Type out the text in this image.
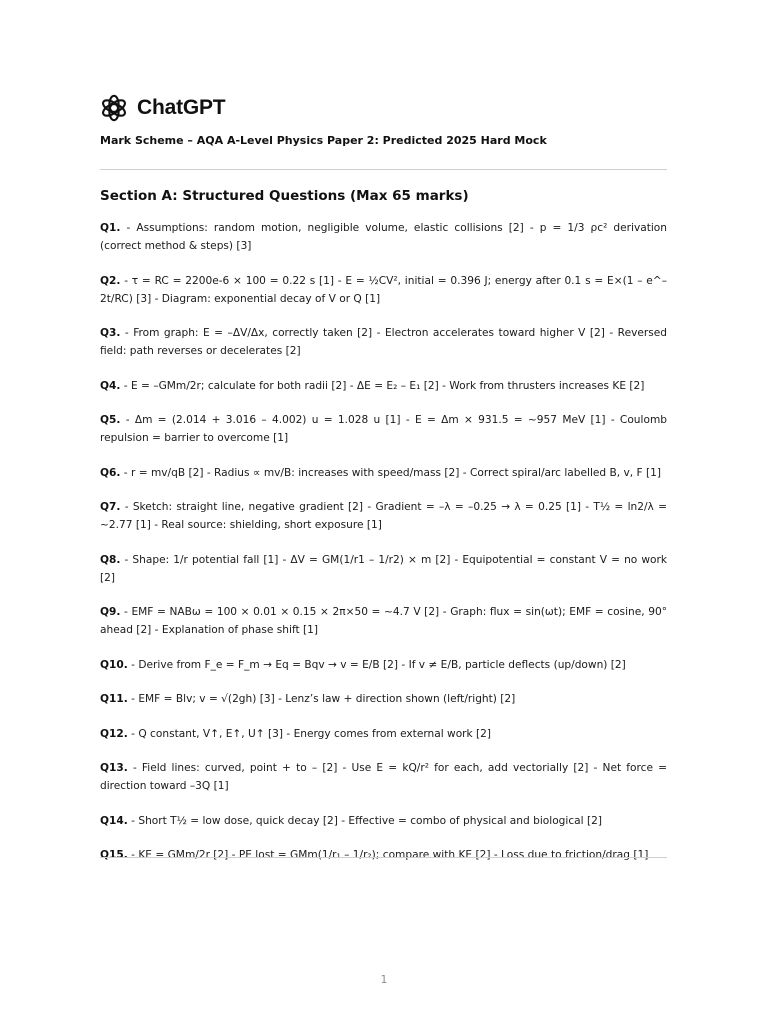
ChatGPT
Mark Scheme – AQA A-Level Physics Paper 2: Predicted 2025 Hard Mock
Section A: Structured Questions (Max 65 marks)

Q1. - Assumptions: random motion, negligible volume, elastic collisions [2] - p = 1/3 ρc² derivation (correct method & steps) [3]

Q2. - τ = RC = 2200e-6 × 100 = 0.22 s [1] - E = ½CV², initial = 0.396 J; energy after 0.1 s = E×(1 – e^–2t/RC) [3] - Diagram: exponential decay of V or Q [1]

Q3. - From graph: E = –ΔV/Δx, correctly taken [2] - Electron accelerates toward higher V [2] - Reversed field: path reverses or decelerates [2]

Q4. - E = –GMm/2r; calculate for both radii [2] - ΔE = E₂ – E₁ [2] - Work from thrusters increases KE [2]

Q5. - Δm = (2.014 + 3.016 – 4.002) u = 1.028 u [1] - E = Δm × 931.5 = ~957 MeV [1] - Coulomb repulsion = barrier to overcome [1]

Q6. - r = mv/qB [2] - Radius ∝ mv/B: increases with speed/mass [2] - Correct spiral/arc labelled B, v, F [1]

Q7. - Sketch: straight line, negative gradient [2] - Gradient = –λ = –0.25 → λ = 0.25 [1] - T½ = ln2/λ = ~2.77 [1] - Real source: shielding, short exposure [1]

Q8. - Shape: 1/r potential fall [1] - ΔV = GM(1/r1 – 1/r2) × m [2] - Equipotential = constant V = no work [2]

Q9. - EMF = NABω = 100 × 0.01 × 0.15 × 2π×50 = ~4.7 V [2] - Graph: flux = sin(ωt); EMF = cosine, 90° ahead [2] - Explanation of phase shift [1]

Q10. - Derive from F_e = F_m → Eq = Bqv → v = E/B [2] - If v ≠ E/B, particle deflects (up/down) [2]

Q11. - EMF = Blv; v = √(2gh) [3] - Lenz’s law + direction shown (left/right) [2]

Q12. - Q constant, V↑, E↑, U↑ [3] - Energy comes from external work [2]

Q13. - Field lines: curved, point + to – [2] - Use E = kQ/r² for each, add vectorially [2] - Net force = direction toward –3Q [1]

Q14. - Short T½ = low dose, quick decay [2] - Effective = combo of physical and biological [2]

Q15. - KE = GMm/2r [2] - PE lost = GMm(1/r₁ – 1/r₂); compare with KE [2] - Loss due to friction/drag [1]

1
